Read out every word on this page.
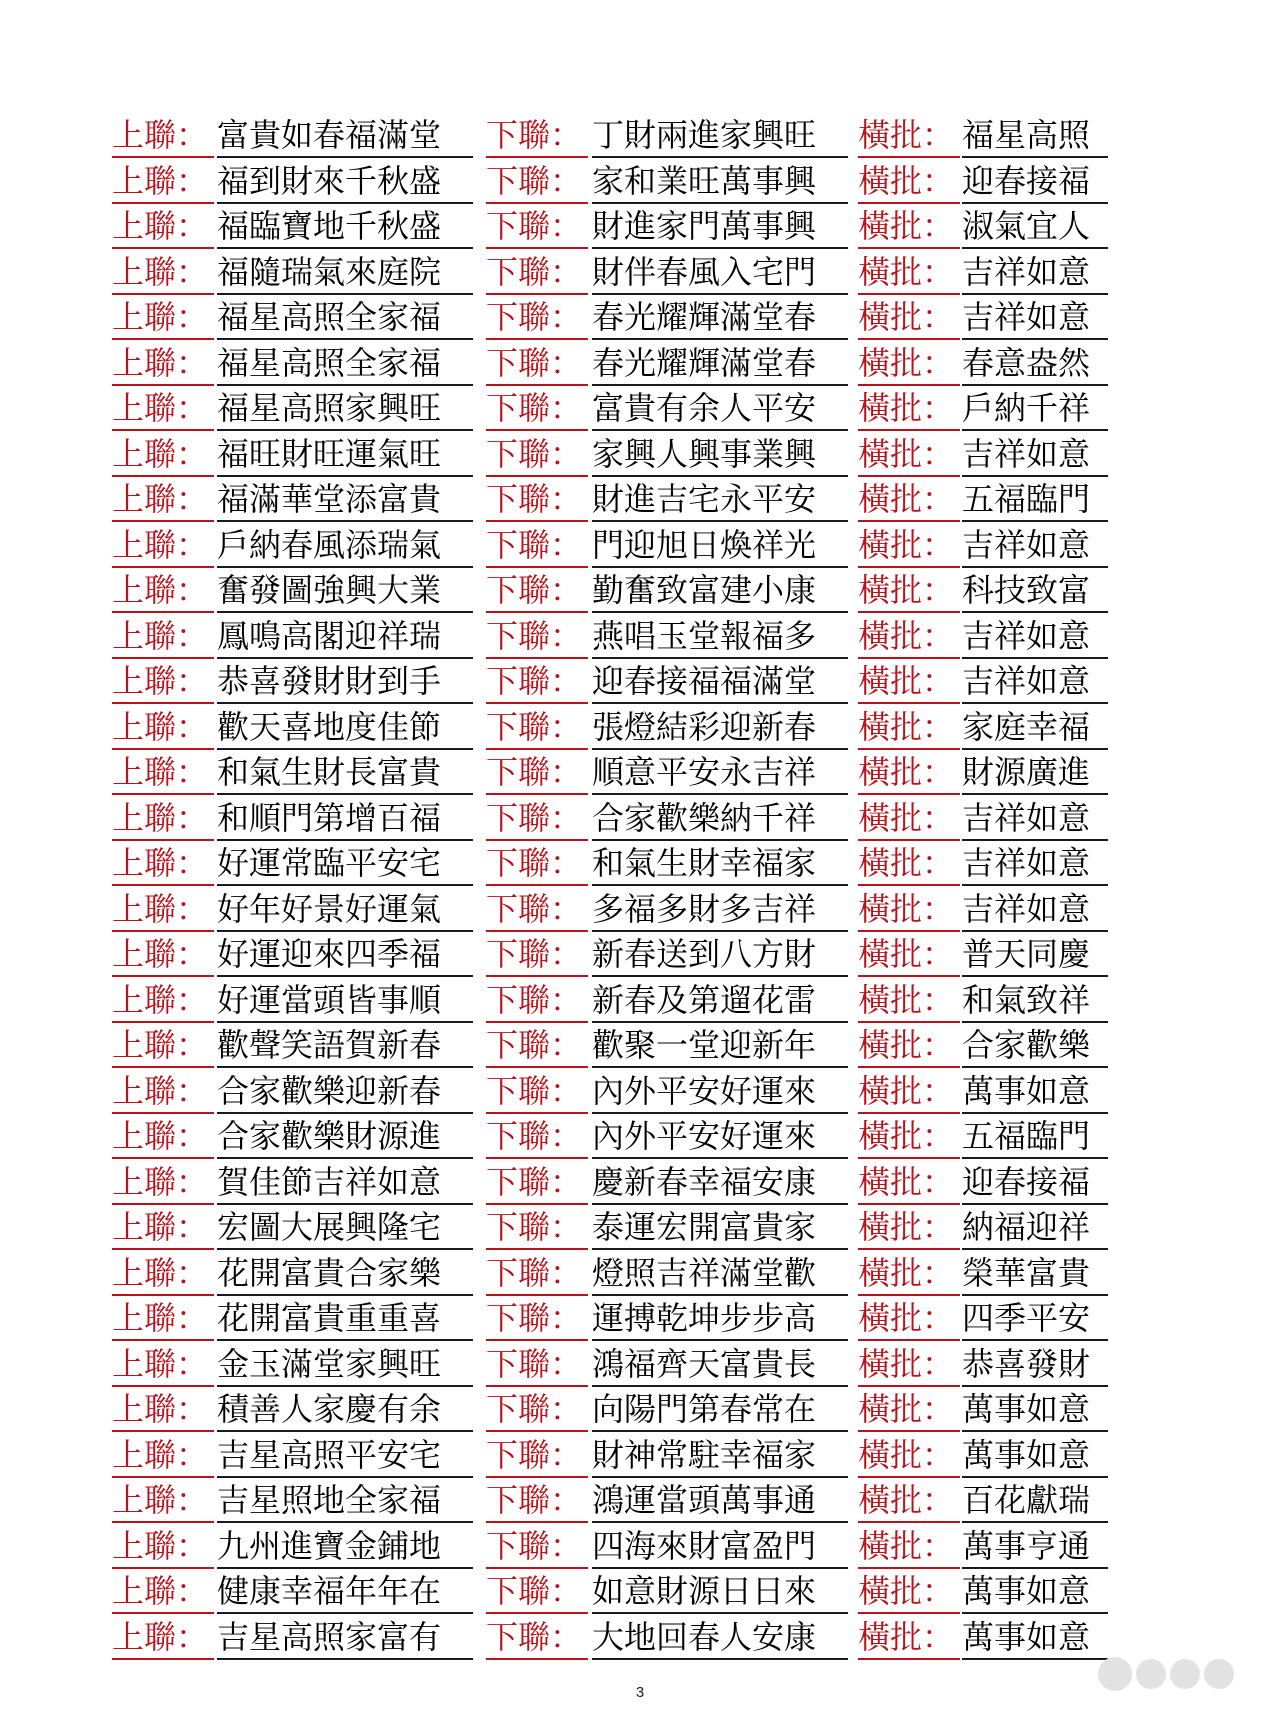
上聯： 富貴如春福滿堂	下聯： 丁財兩進家興旺	橫批： 福星高照
上聯： 福到財來千秋盛	下聯： 家和業旺萬事興	橫批： 迎春接福
上聯： 福臨寶地千秋盛	下聯： 財進家門萬事興	橫批： 淑氣宜人
上聯： 福隨瑞氣來庭院	下聯： 財伴春風入宅門	橫批： 吉祥如意
上聯： 福星高照全家福	下聯： 春光耀輝滿堂春	橫批： 吉祥如意
上聯： 福星高照全家福	下聯： 春光耀輝滿堂春	橫批： 春意盎然
上聯： 福星高照家興旺	下聯： 富貴有余人平安	橫批： 戶納千祥
上聯： 福旺財旺運氣旺	下聯： 家興人興事業興	橫批： 吉祥如意
上聯： 福滿華堂添富貴	下聯： 財進吉宅永平安	橫批： 五福臨門
上聯： 戶納春風添瑞氣	下聯： 門迎旭日煥祥光	橫批： 吉祥如意
上聯： 奮發圖強興大業	下聯： 勤奮致富建小康	橫批： 科技致富
上聯： 鳳鳴高閣迎祥瑞	下聯： 燕唱玉堂報福多	橫批： 吉祥如意
上聯： 恭喜發財財到手	下聯： 迎春接福福滿堂	橫批： 吉祥如意
上聯： 歡天喜地度佳節	下聯： 張燈結彩迎新春	橫批： 家庭幸福
上聯： 和氣生財長富貴	下聯： 順意平安永吉祥	橫批： 財源廣進
上聯： 和順門第增百福	下聯： 合家歡樂納千祥	橫批： 吉祥如意
上聯： 好運常臨平安宅	下聯： 和氣生財幸福家	橫批： 吉祥如意
上聯： 好年好景好運氣	下聯： 多福多財多吉祥	橫批： 吉祥如意
上聯： 好運迎來四季福	下聯： 新春送到八方財	橫批： 普天同慶
上聯： 好運當頭皆事順	下聯： 新春及第遛花雷	橫批： 和氣致祥
上聯： 歡聲笑語賀新春	下聯： 歡聚一堂迎新年	橫批： 合家歡樂
上聯： 合家歡樂迎新春	下聯： 內外平安好運來	橫批： 萬事如意
上聯： 合家歡樂財源進	下聯： 內外平安好運來	橫批： 五福臨門
上聯： 賀佳節吉祥如意	下聯： 慶新春幸福安康	橫批： 迎春接福
上聯： 宏圖大展興隆宅	下聯： 泰運宏開富貴家	橫批： 納福迎祥
上聯： 花開富貴合家樂	下聯： 燈照吉祥滿堂歡	橫批： 榮華富貴
上聯： 花開富貴重重喜	下聯： 運搏乾坤步步高	橫批： 四季平安
上聯： 金玉滿堂家興旺	下聯： 鴻福齊天富貴長	橫批： 恭喜發財
上聯： 積善人家慶有余	下聯： 向陽門第春常在	橫批： 萬事如意
上聯： 吉星高照平安宅	下聯： 財神常駐幸福家	橫批： 萬事如意
上聯： 吉星照地全家福	下聯： 鴻運當頭萬事通	橫批： 百花獻瑞
上聯： 九州進寶金鋪地	下聯： 四海來財富盈門	橫批： 萬事亨通
上聯： 健康幸福年年在	下聯： 如意財源日日來	橫批： 萬事如意
上聯： 吉星高照家富有	下聯： 大地回春人安康	橫批： 萬事如意
3
